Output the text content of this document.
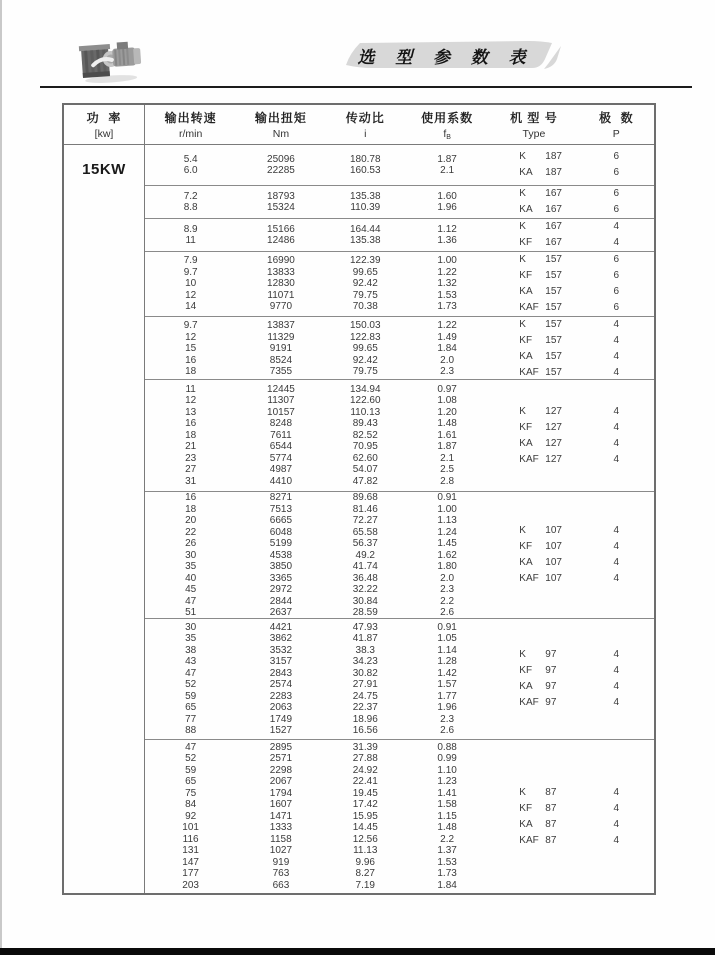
选 型 参 数 表
功  率
[kw]
15KW
输出转速
r/min
输出扭矩
Nm
传动比
i
使用系数
fB
机 型 号
Type
极  数
P
5.4
6.0
25096
22285
180.78
160.53
1.87
2.1
K 187
KA 187
6
6
7.2
8.8
18793
15324
135.38
110.39
1.60
1.96
K 167
KA 167
6
6
8.9
11
15166
12486
164.44
135.38
1.12
1.36
K 167
KF 167
4
4
7.9
9.7
10
12
14
16990
13833
12830
11071
9770
122.39
99.65
92.42
79.75
70.38
1.00
1.22
1.32
1.53
1.73
K 157
KF 157
KA 157
KAF 157
6
6
6
6
9.7
12
15
16
18
13837
11329
9191
8524
7355
150.03
122.83
99.65
92.42
79.75
1.22
1.49
1.84
2.0
2.3
K 157
KF 157
KA 157
KAF 157
4
4
4
4
11
12
13
16
18
21
23
27
31
12445
11307
10157
8248
7611
6544
5774
4987
4410
134.94
122.60
110.13
89.43
82.52
70.95
62.60
54.07
47.82
0.97
1.08
1.20
1.48
1.61
1.87
2.1
2.5
2.8
K 127
KF 127
KA 127
KAF 127
4
4
4
4
16
18
20
22
26
30
35
40
45
47
51
8271
7513
6665
6048
5199
4538
3850
3365
2972
2844
2637
89.68
81.46
72.27
65.58
56.37
49.2
41.74
36.48
32.22
30.84
28.59
0.91
1.00
1.13
1.24
1.45
1.62
1.80
2.0
2.3
2.2
2.6
K 107
KF 107
KA 107
KAF 107
4
4
4
4
30
35
38
43
47
52
59
65
77
88
4421
3862
3532
3157
2843
2574
2283
2063
1749
1527
47.93
41.87
38.3
34.23
30.82
27.91
24.75
22.37
18.96
16.56
0.91
1.05
1.14
1.28
1.42
1.57
1.77
1.96
2.3
2.6
K 97
KF 97
KA 97
KAF 97
4
4
4
4
47
52
59
65
75
84
92
101
116
131
147
177
203
2895
2571
2298
2067
1794
1607
1471
1333
1158
1027
919
763
663
31.39
27.88
24.92
22.41
19.45
17.42
15.95
14.45
12.56
11.13
9.96
8.27
7.19
0.88
0.99
1.10
1.23
1.41
1.58
1.15
1.48
2.2
1.37
1.53
1.73
1.84
K 87
KF 87
KA 87
KAF 87
4
4
4
4
